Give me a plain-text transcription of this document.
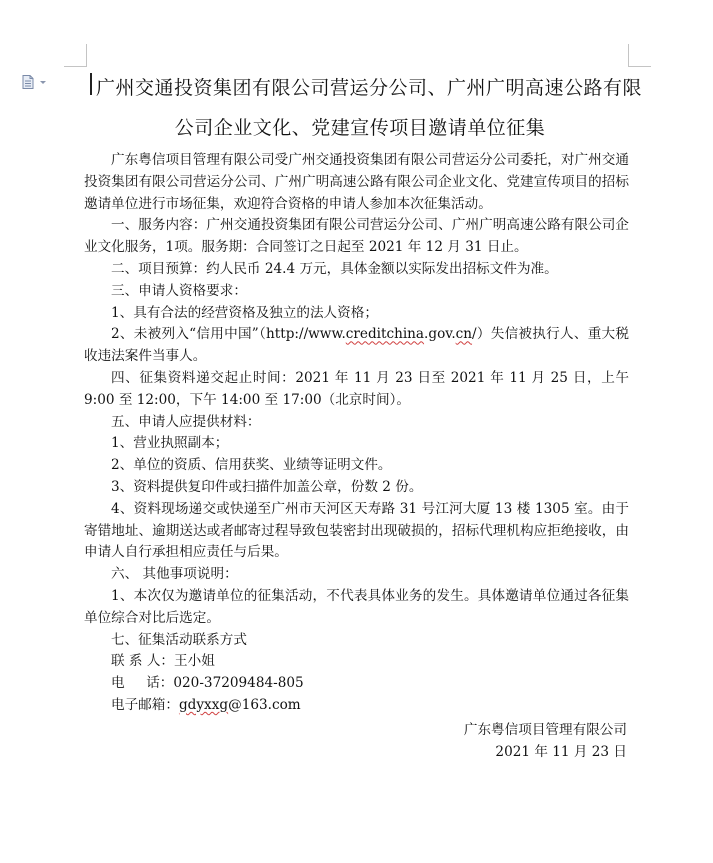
广州交通投资集团有限公司营运分公司、广州广明高速公路有限
公司企业文化、党建宣传项目邀请单位征集

广东粤信项目管理有限公司受广州交通投资集团有限公司营运分公司委托，对广州交通投资集团有限公司营运分公司、广州广明高速公路有限公司企业文化、党建宣传项目的招标邀请单位进行市场征集，欢迎符合资格的申请人参加本次征集活动。

一、服务内容：广州交通投资集团有限公司营运分公司、广州广明高速公路有限公司企业文化服务，1项。服务期：合同签订之日起至 2021 年 12 月 31 日止。

二、项目预算：约人民币 24.4 万元，具体金额以实际发出招标文件为准。

三、申请人资格要求：

1、具有合法的经营资格及独立的法人资格；

2、未被列入“信用中国”（http://www.creditchina.gov.cn/）失信被执行人、重大税收违法案件当事人。

四、征集资料递交起止时间：2021 年 11 月 23 日至 2021 年 11 月 25 日，上午 9:00 至 12:00，下午 14:00 至 17:00（北京时间）。

五、申请人应提供材料：

1、营业执照副本；

2、单位的资质、信用获奖、业绩等证明文件。

3、资料提供复印件或扫描件加盖公章，份数 2 份。

4、资料现场递交或快递至广州市天河区天寿路 31 号江河大厦 13 楼 1305 室。由于寄错地址、逾期送达或者邮寄过程导致包装密封出现破损的，招标代理机构应拒绝接收，由申请人自行承担相应责任与后果。

六、 其他事项说明：

1、本次仅为邀请单位的征集活动，不代表具体业务的发生。具体邀请单位通过各征集单位综合对比后选定。

七、征集活动联系方式

联 系 人：王小姐

电     话：020-37209484-805

电子邮箱：gdyxxg@163.com

广东粤信项目管理有限公司
2021 年 11 月 23 日
